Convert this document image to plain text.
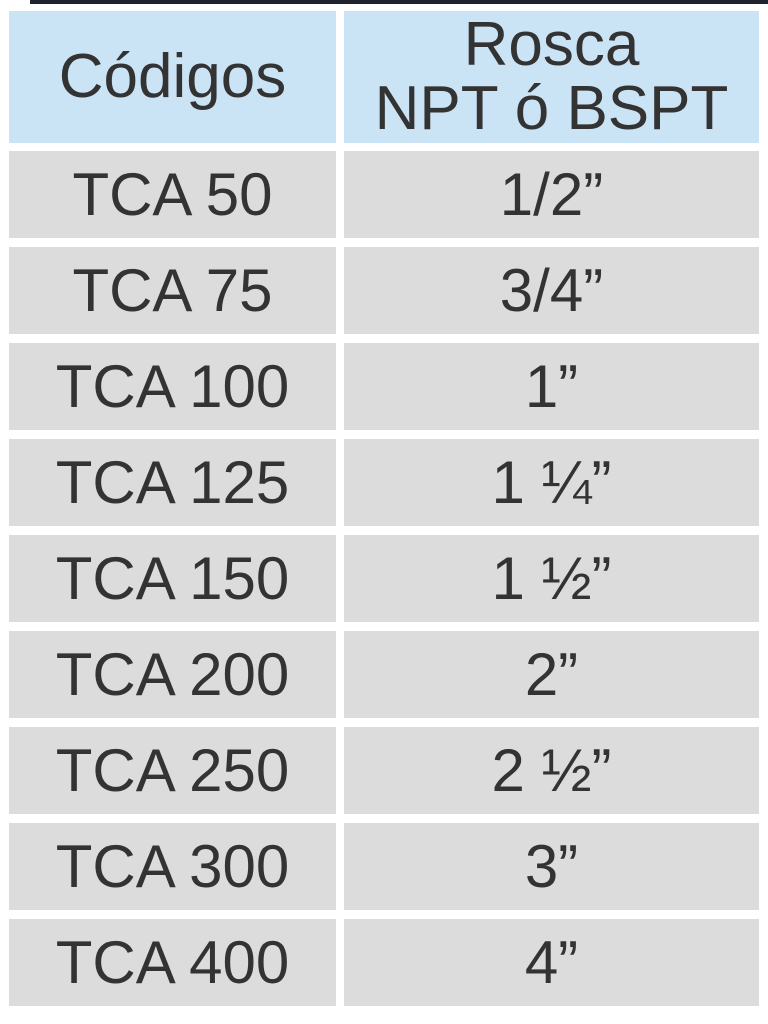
Códigos	Rosca
NPT ó BSPT
TCA 50	1/2”
TCA 75	3/4”
TCA 100	1”
TCA 125	1 ¼”
TCA 150	1 ½”
TCA 200	2”
TCA 250	2 ½”
TCA 300	3”
TCA 400	4”
